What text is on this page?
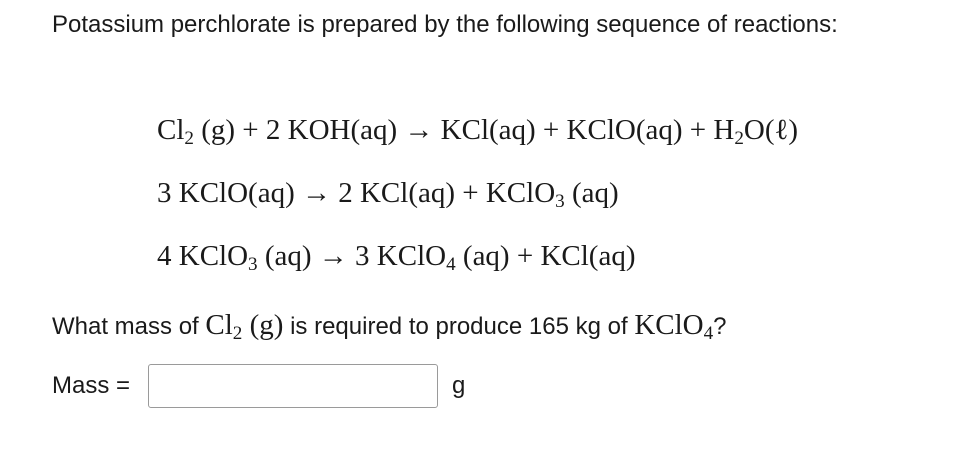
Potassium perchlorate is prepared by the following sequence of reactions:
$Cl_2$ (g) + 2 KOH(aq) → KCl(aq) + KClO(aq) + $H_2O(\ell)$
3 KClO(aq) → 2 KCl(aq) + KClO$_3$ (aq)
4 KClO$_3$ (aq) → 3 KClO$_4$ (aq) + KCl(aq)
What mass of $Cl_2$ (g) is required to produce 165 kg of KClO$_4$?
Mass =	g
